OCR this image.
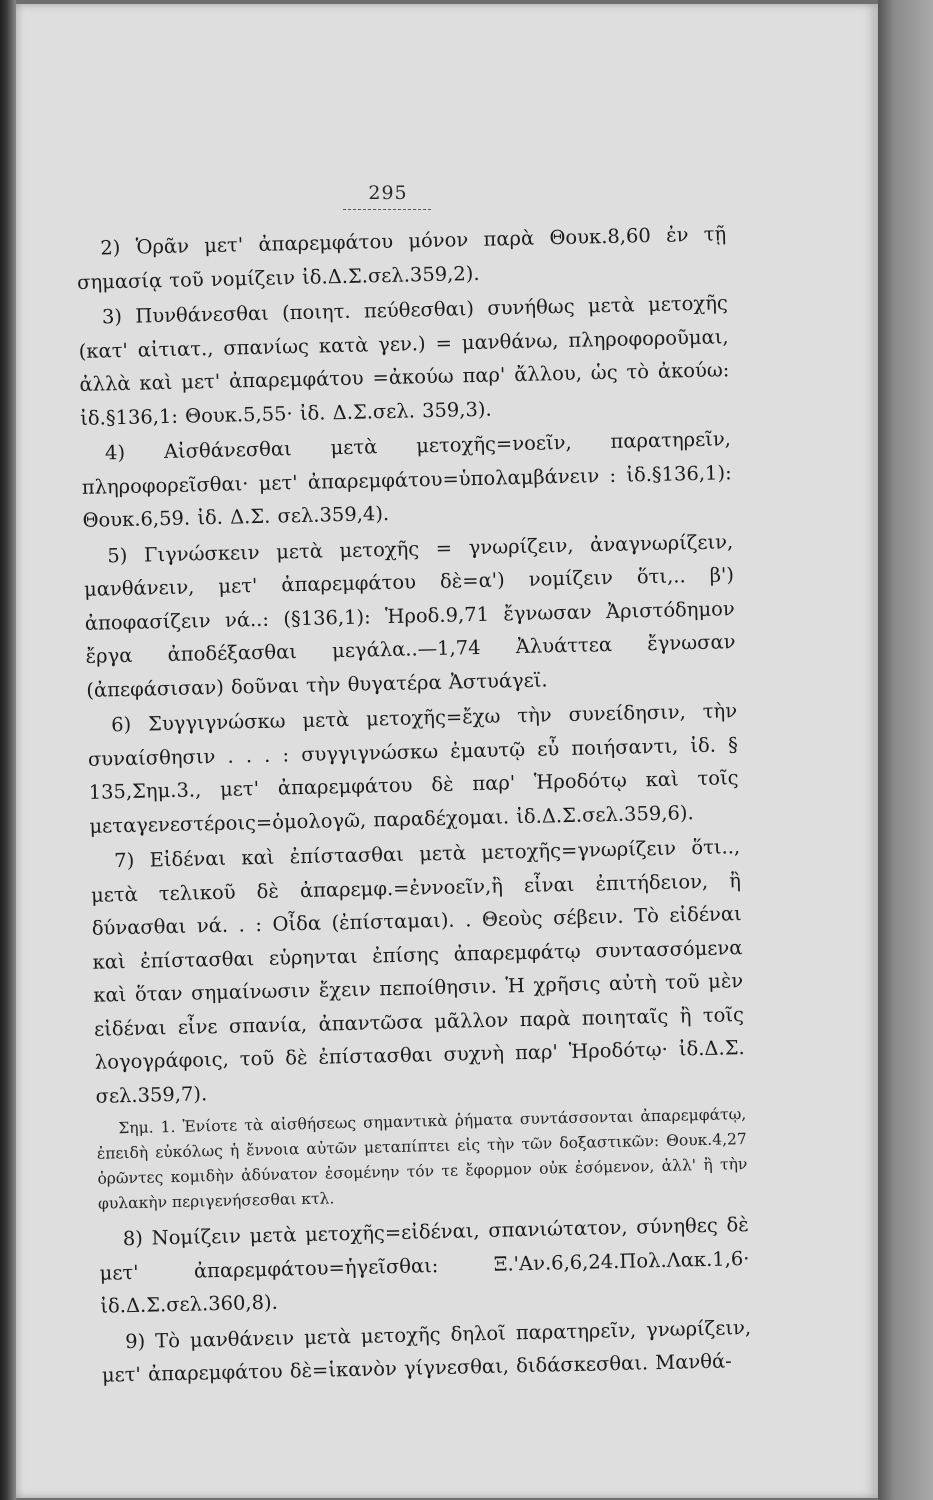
295

2) Ὁρᾶν μετ' ἀπαρεμφάτου μόνον παρὰ Θουκ.8,60 ἐν τῇ σημασίᾳ τοῦ νομίζειν ἰδ.Δ.Σ.σελ.359,2).

3) Πυνθάνεσθαι (ποιητ. πεύθεσθαι) συνήθως μετὰ μετοχῆς (κατ' αἰτιατ., σπανίως κατὰ γεν.) = μανθάνω, πληροφοροῦμαι, ἀλλὰ καὶ μετ' ἀπαρεμφάτου =ἀκούω παρ' ἄλλου, ὡς τὸ ἀκούω: ἰδ.§136,1: Θουκ.5,55· ἰδ. Δ.Σ.σελ. 359,3).

4) Αἰσθάνεσθαι μετὰ μετοχῆς=νοεῖν, παρατηρεῖν, πληροφορεῖσθαι· μετ' ἀπαρεμφάτου=ὑπολαμβάνειν : ἰδ.§136,1): Θουκ.6,59. ἰδ. Δ.Σ. σελ.359,4).

5) Γιγνώσκειν μετὰ μετοχῆς = γνωρίζειν, ἀναγνωρίζειν, μανθάνειν, μετ' ἀπαρεμφάτου δὲ=α') νομίζειν ὅτι,.. β') ἀποφασίζειν νά..: (§136,1): Ἡροδ.9,71 ἔγνωσαν Ἀριστόδημον ἔργα ἀποδέξασθαι μεγάλα..—1,74 Ἀλυάττεα ἔγνωσαν (ἀπεφάσισαν) δοῦναι τὴν θυγατέρα Ἀστυάγεϊ.

6) Συγγιγνώσκω μετὰ μετοχῆς=ἔχω τὴν συνείδησιν, τὴν συναίσθησιν . . . : συγγιγνώσκω ἐμαυτῷ εὖ ποιήσαντι, ἰδ. § 135,Σημ.3., μετ' ἀπαρεμφάτου δὲ παρ' Ἡροδότῳ καὶ τοῖς μεταγενεστέροις=ὁμολογῶ, παραδέχομαι. ἰδ.Δ.Σ.σελ.359,6).

7) Εἰδέναι καὶ ἐπίστασθαι μετὰ μετοχῆς=γνωρίζειν ὅτι.., μετὰ τελικοῦ δὲ ἀπαρεμφ.=ἐννοεῖν,ἢ εἶναι ἐπιτήδειον, ἢ δύνασθαι νά. . : Οἶδα (ἐπίσταμαι). . Θεοὺς σέβειν. Τὸ εἰδέναι καὶ ἐπίστασθαι εὑρηνται ἐπίσης ἀπαρεμφάτῳ συντασσόμενα καὶ ὅταν σημαίνωσιν ἔχειν πεποίθησιν. Ἡ χρῆσις αὐτὴ τοῦ μὲν εἰδέναι εἶνε σπανία, ἀπαντῶσα μᾶλλον παρὰ ποιηταῖς ἢ τοῖς λογογράφοις, τοῦ δὲ ἐπίστασθαι συχνὴ παρ' Ἡροδότῳ· ἰδ.Δ.Σ. σελ.359,7).

Σημ. 1. Ἐνίοτε τὰ αἰσθήσεως σημαντικὰ ῥήματα συντάσσονται ἀπαρεμφάτῳ, ἐπειδὴ εὐκόλως ἡ ἔννοια αὐτῶν μεταπίπτει εἰς τὴν τῶν δοξαστικῶν: Θουκ.4,27 ὁρῶντες κομιδὴν ἀδύνατον ἐσομένην τόν τε ἔφορμον οὐκ ἐσόμενον, ἀλλ' ἢ τὴν φυλακὴν περιγενήσεσθαι κτλ.

8) Νομίζειν μετὰ μετοχῆς=εἰδέναι, σπανιώτατον, σύνηθες δὲ μετ' ἀπαρεμφάτου=ἡγεῖσθαι: Ξ.'Αν.6,6,24.Πολ.Λακ.1,6· ἰδ.Δ.Σ.σελ.360,8).

9) Τὸ μανθάνειν μετὰ μετοχῆς δηλοῖ παρατηρεῖν, γνωρίζειν, μετ' ἀπαρεμφάτου δὲ=ἱκανὸν γίγνεσθαι, διδάσκεσθαι. Μανθά-
